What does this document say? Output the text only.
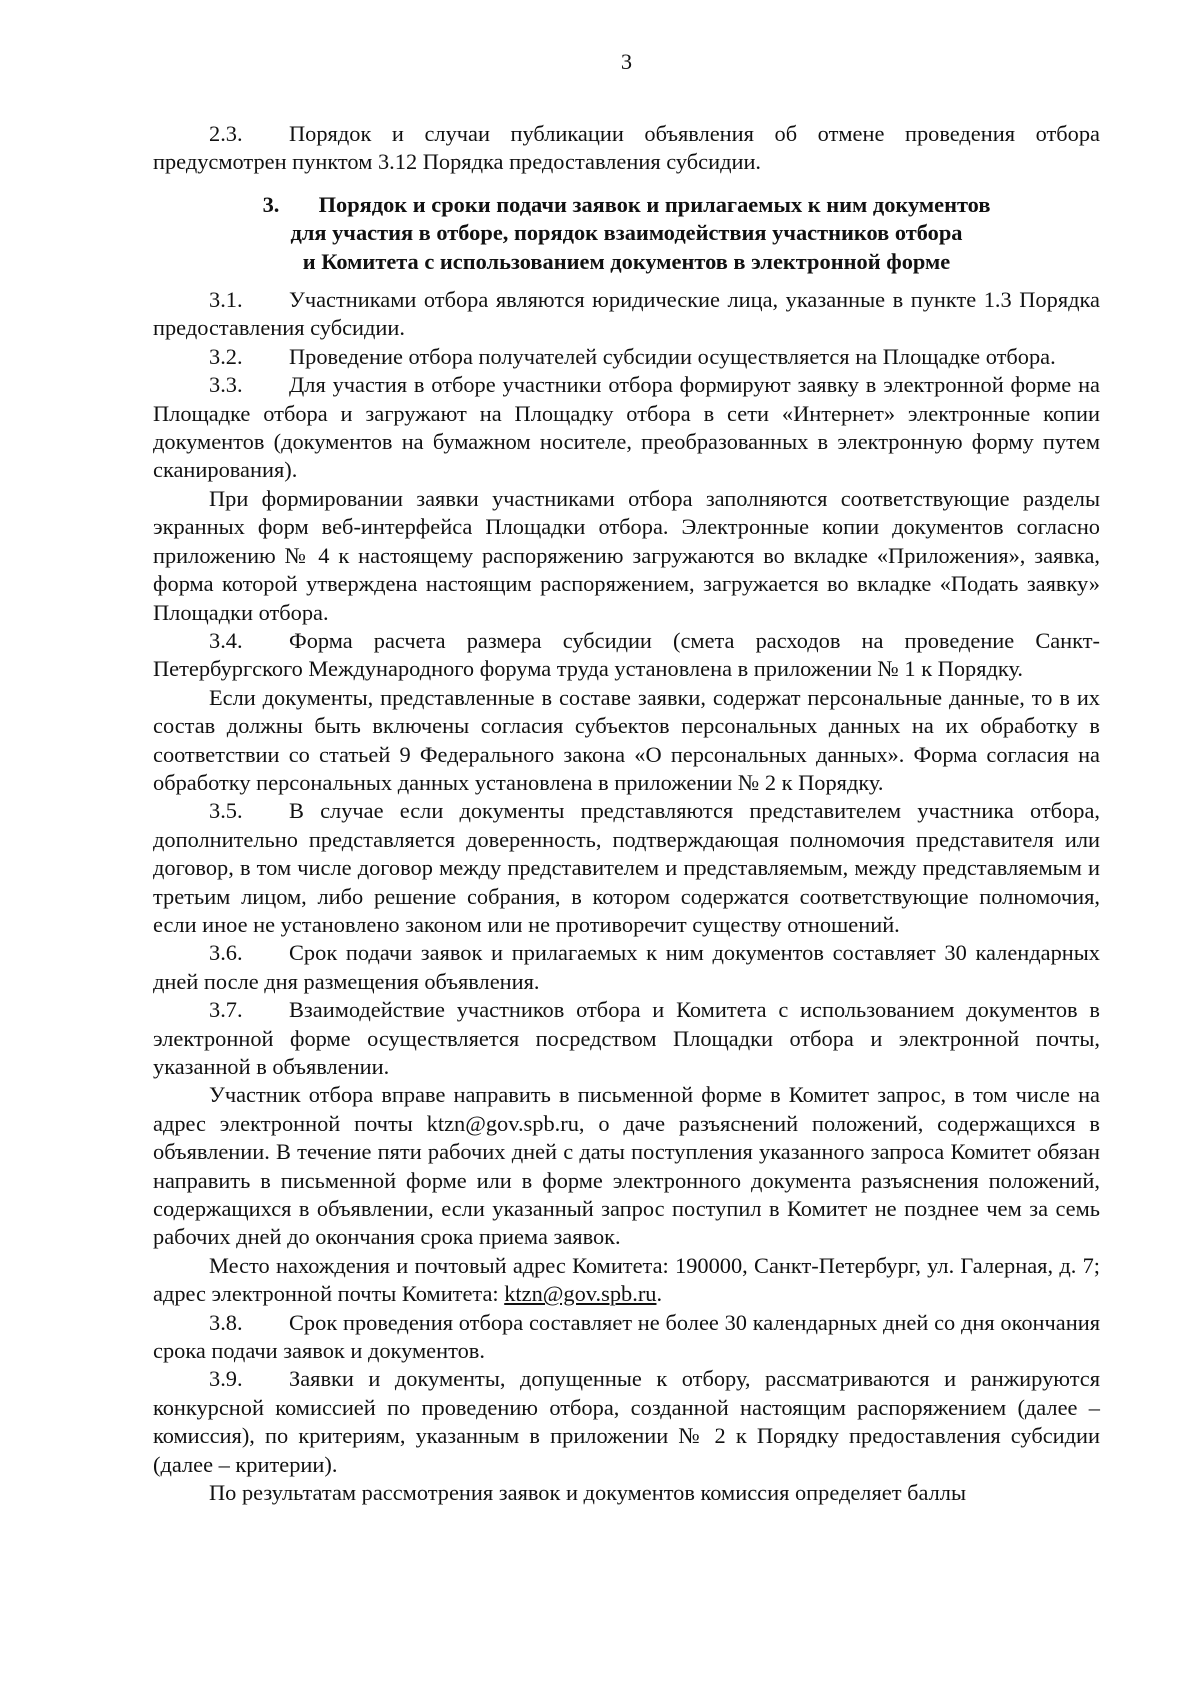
3

2.3. Порядок и случаи публикации объявления об отмене проведения отбора предусмотрен пунктом 3.12 Порядка предоставления субсидии.

3. Порядок и сроки подачи заявок и прилагаемых к ним документов
для участия в отборе, порядок взаимодействия участников отбора
и Комитета с использованием документов в электронной форме

3.1. Участниками отбора являются юридические лица, указанные в пункте 1.3 Порядка предоставления субсидии.

3.2. Проведение отбора получателей субсидии осуществляется на Площадке отбора.

3.3. Для участия в отборе участники отбора формируют заявку в электронной форме на Площадке отбора и загружают на Площадку отбора в сети «Интернет» электронные копии документов (документов на бумажном носителе, преобразованных в электронную форму путем сканирования).

При формировании заявки участниками отбора заполняются соответствующие разделы экранных форм веб-интерфейса Площадки отбора. Электронные копии документов согласно приложению № 4 к настоящему распоряжению загружаются во вкладке «Приложения», заявка, форма которой утверждена настоящим распоряжением, загружается во вкладке «Подать заявку» Площадки отбора.

3.4. Форма расчета размера субсидии (смета расходов на проведение Санкт-Петербургского Международного форума труда установлена в приложении № 1 к Порядку.

Если документы, представленные в составе заявки, содержат персональные данные, то в их состав должны быть включены согласия субъектов персональных данных на их обработку в соответствии со статьей 9 Федерального закона «О персональных данных». Форма согласия на обработку персональных данных установлена в приложении № 2 к Порядку.

3.5. В случае если документы представляются представителем участника отбора, дополнительно представляется доверенность, подтверждающая полномочия представителя или договор, в том числе договор между представителем и представляемым, между представляемым и третьим лицом, либо решение собрания, в котором содержатся соответствующие полномочия, если иное не установлено законом или не противоречит существу отношений.

3.6. Срок подачи заявок и прилагаемых к ним документов составляет 30 календарных дней после дня размещения объявления.

3.7. Взаимодействие участников отбора и Комитета с использованием документов в электронной форме осуществляется посредством Площадки отбора и электронной почты, указанной в объявлении.

Участник отбора вправе направить в письменной форме в Комитет запрос, в том числе на адрес электронной почты ktzn@gov.spb.ru, о даче разъяснений положений, содержащихся в объявлении. В течение пяти рабочих дней с даты поступления указанного запроса Комитет обязан направить в письменной форме или в форме электронного документа разъяснения положений, содержащихся в объявлении, если указанный запрос поступил в Комитет не позднее чем за семь рабочих дней до окончания срока приема заявок.

Место нахождения и почтовый адрес Комитета: 190000, Санкт-Петербург, ул. Галерная, д. 7; адрес электронной почты Комитета: ktzn@gov.spb.ru.

3.8. Срок проведения отбора составляет не более 30 календарных дней со дня окончания срока подачи заявок и документов.

3.9. Заявки и документы, допущенные к отбору, рассматриваются и ранжируются конкурсной комиссией по проведению отбора, созданной настоящим распоряжением (далее – комиссия), по критериям, указанным в приложении № 2 к Порядку предоставления субсидии (далее – критерии).

По результатам рассмотрения заявок и документов комиссия определяет баллы
